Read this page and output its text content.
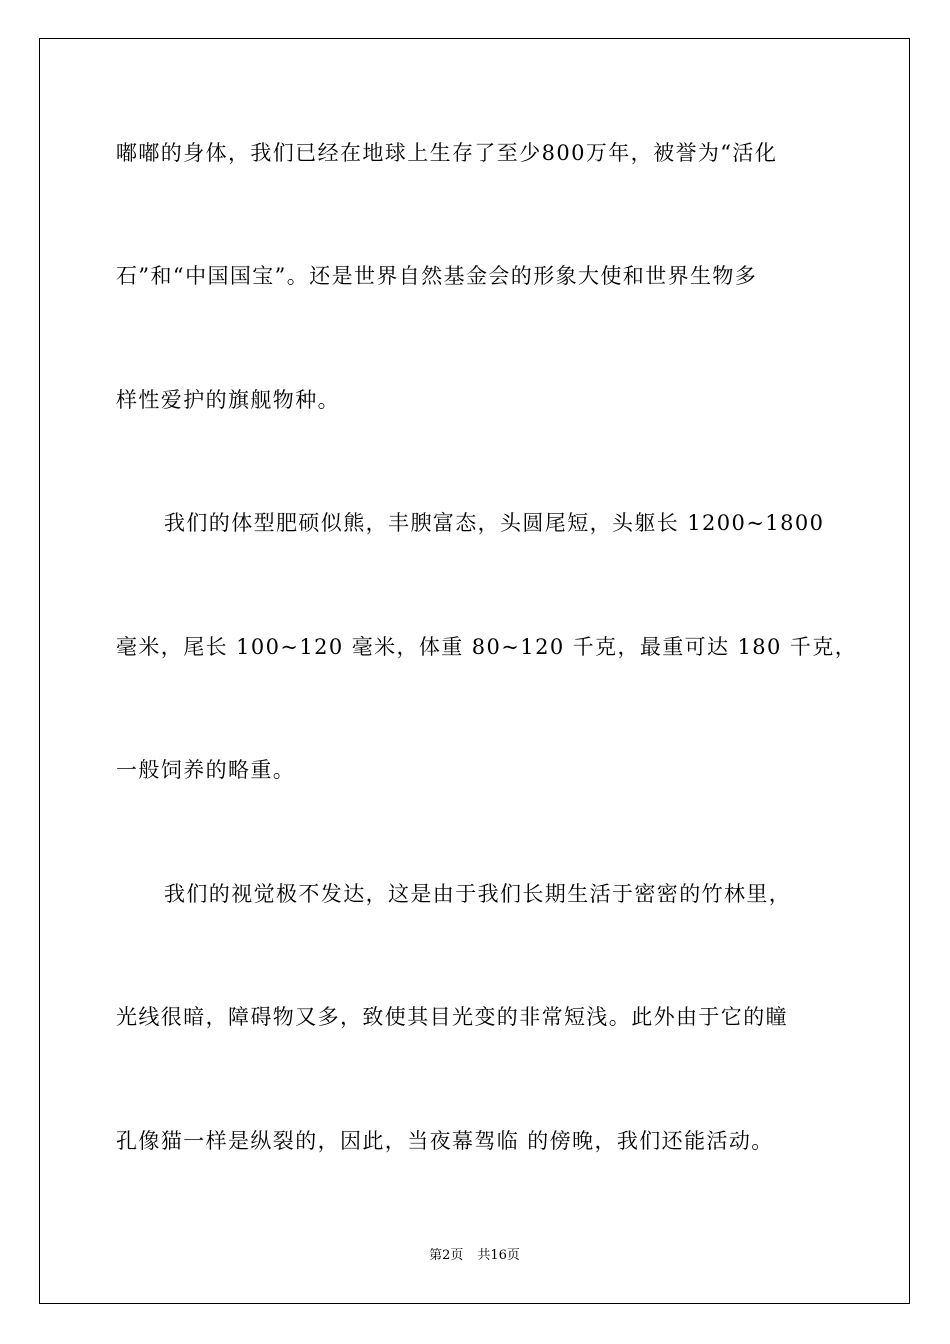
嘟嘟的身体，我们已经在地球上生存了至少800万年，被誉为“活化
石”和“中国国宝”。还是世界自然基金会的形象大使和世界生物多
样性爱护的旗舰物种。
我们的体型肥硕似熊，丰腴富态，头圆尾短，头躯长 1200~1800
毫米，尾长 100~120 毫米，体重 80~120 千克，最重可达 180 千克，
一般饲养的略重。
我们的视觉极不发达，这是由于我们长期生活于密密的竹林里，
光线很暗，障碍物又多，致使其目光变的非常短浅。此外由于它的瞳
孔像猫一样是纵裂的，因此，当夜幕驾临 的傍晚，我们还能活动。
第2页 共16页
